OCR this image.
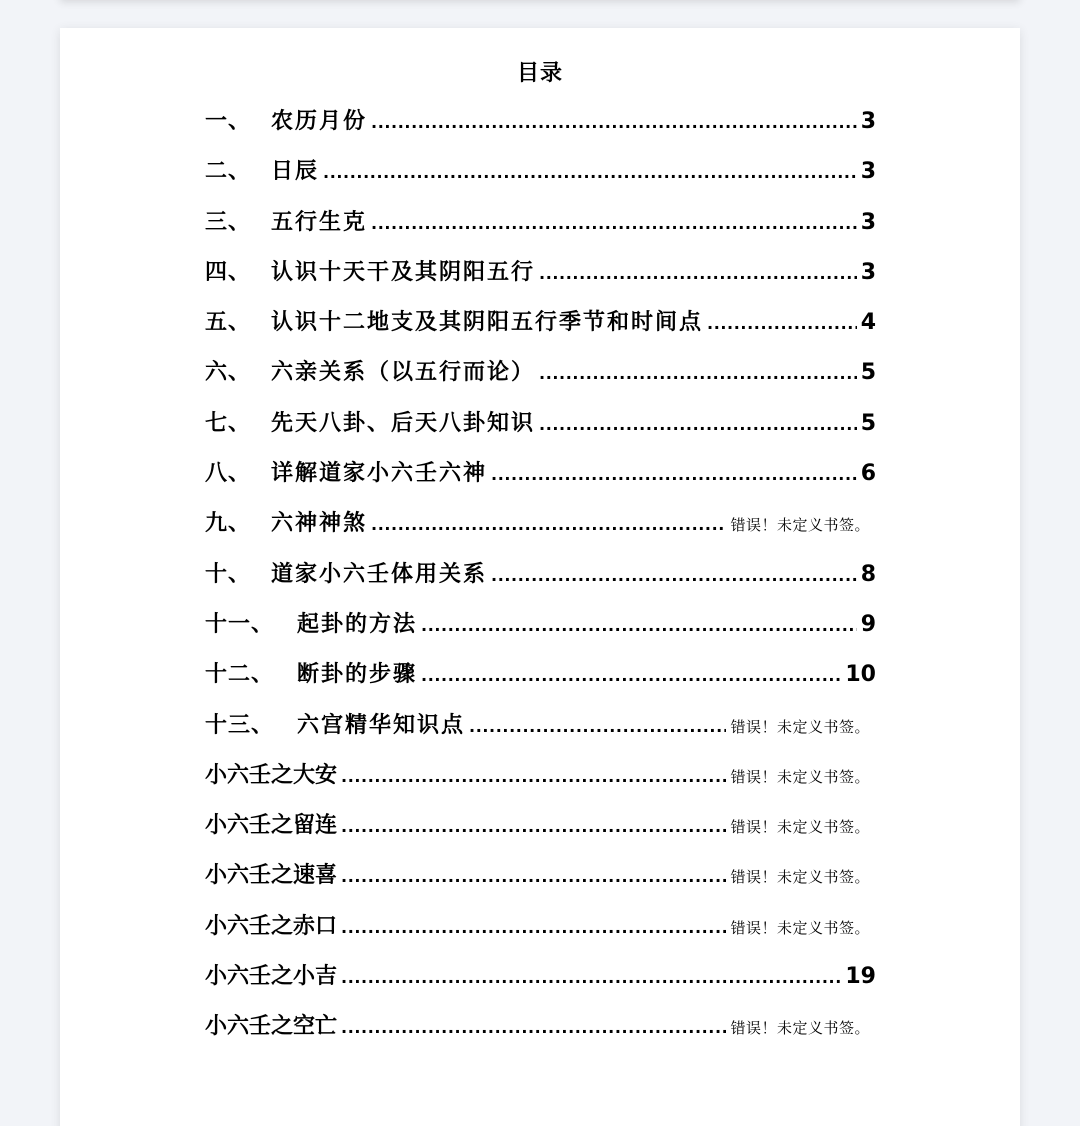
目录
一、 农历月份 .....	3
二、 日辰 .....	3
三、 五行生克 .....	3
四、 认识十天干及其阴阳五行 .....	3
五、 认识十二地支及其阴阳五行季节和时间点 .....	4
六、 六亲关系（以五行而论） .....	5
七、 先天八卦、后天八卦知识 .....	5
八、 详解道家小六壬六神 .....	6
九、 六神神煞 .....	错误！未定义书签。
十、 道家小六壬体用关系 .....	8
十一、	起卦的方法 .....	9
十二、	断卦的步骤 .....	10
十三、	六宫精华知识点 .....	错误！未定义书签。
小六壬之大安 .....	错误！未定义书签。
小六壬之留连 .....	错误！未定义书签。
小六壬之速喜 .....	错误！未定义书签。
小六壬之赤口 .....	错误！未定义书签。
小六壬之小吉 .....	19
小六壬之空亡 .....	错误！未定义书签。
